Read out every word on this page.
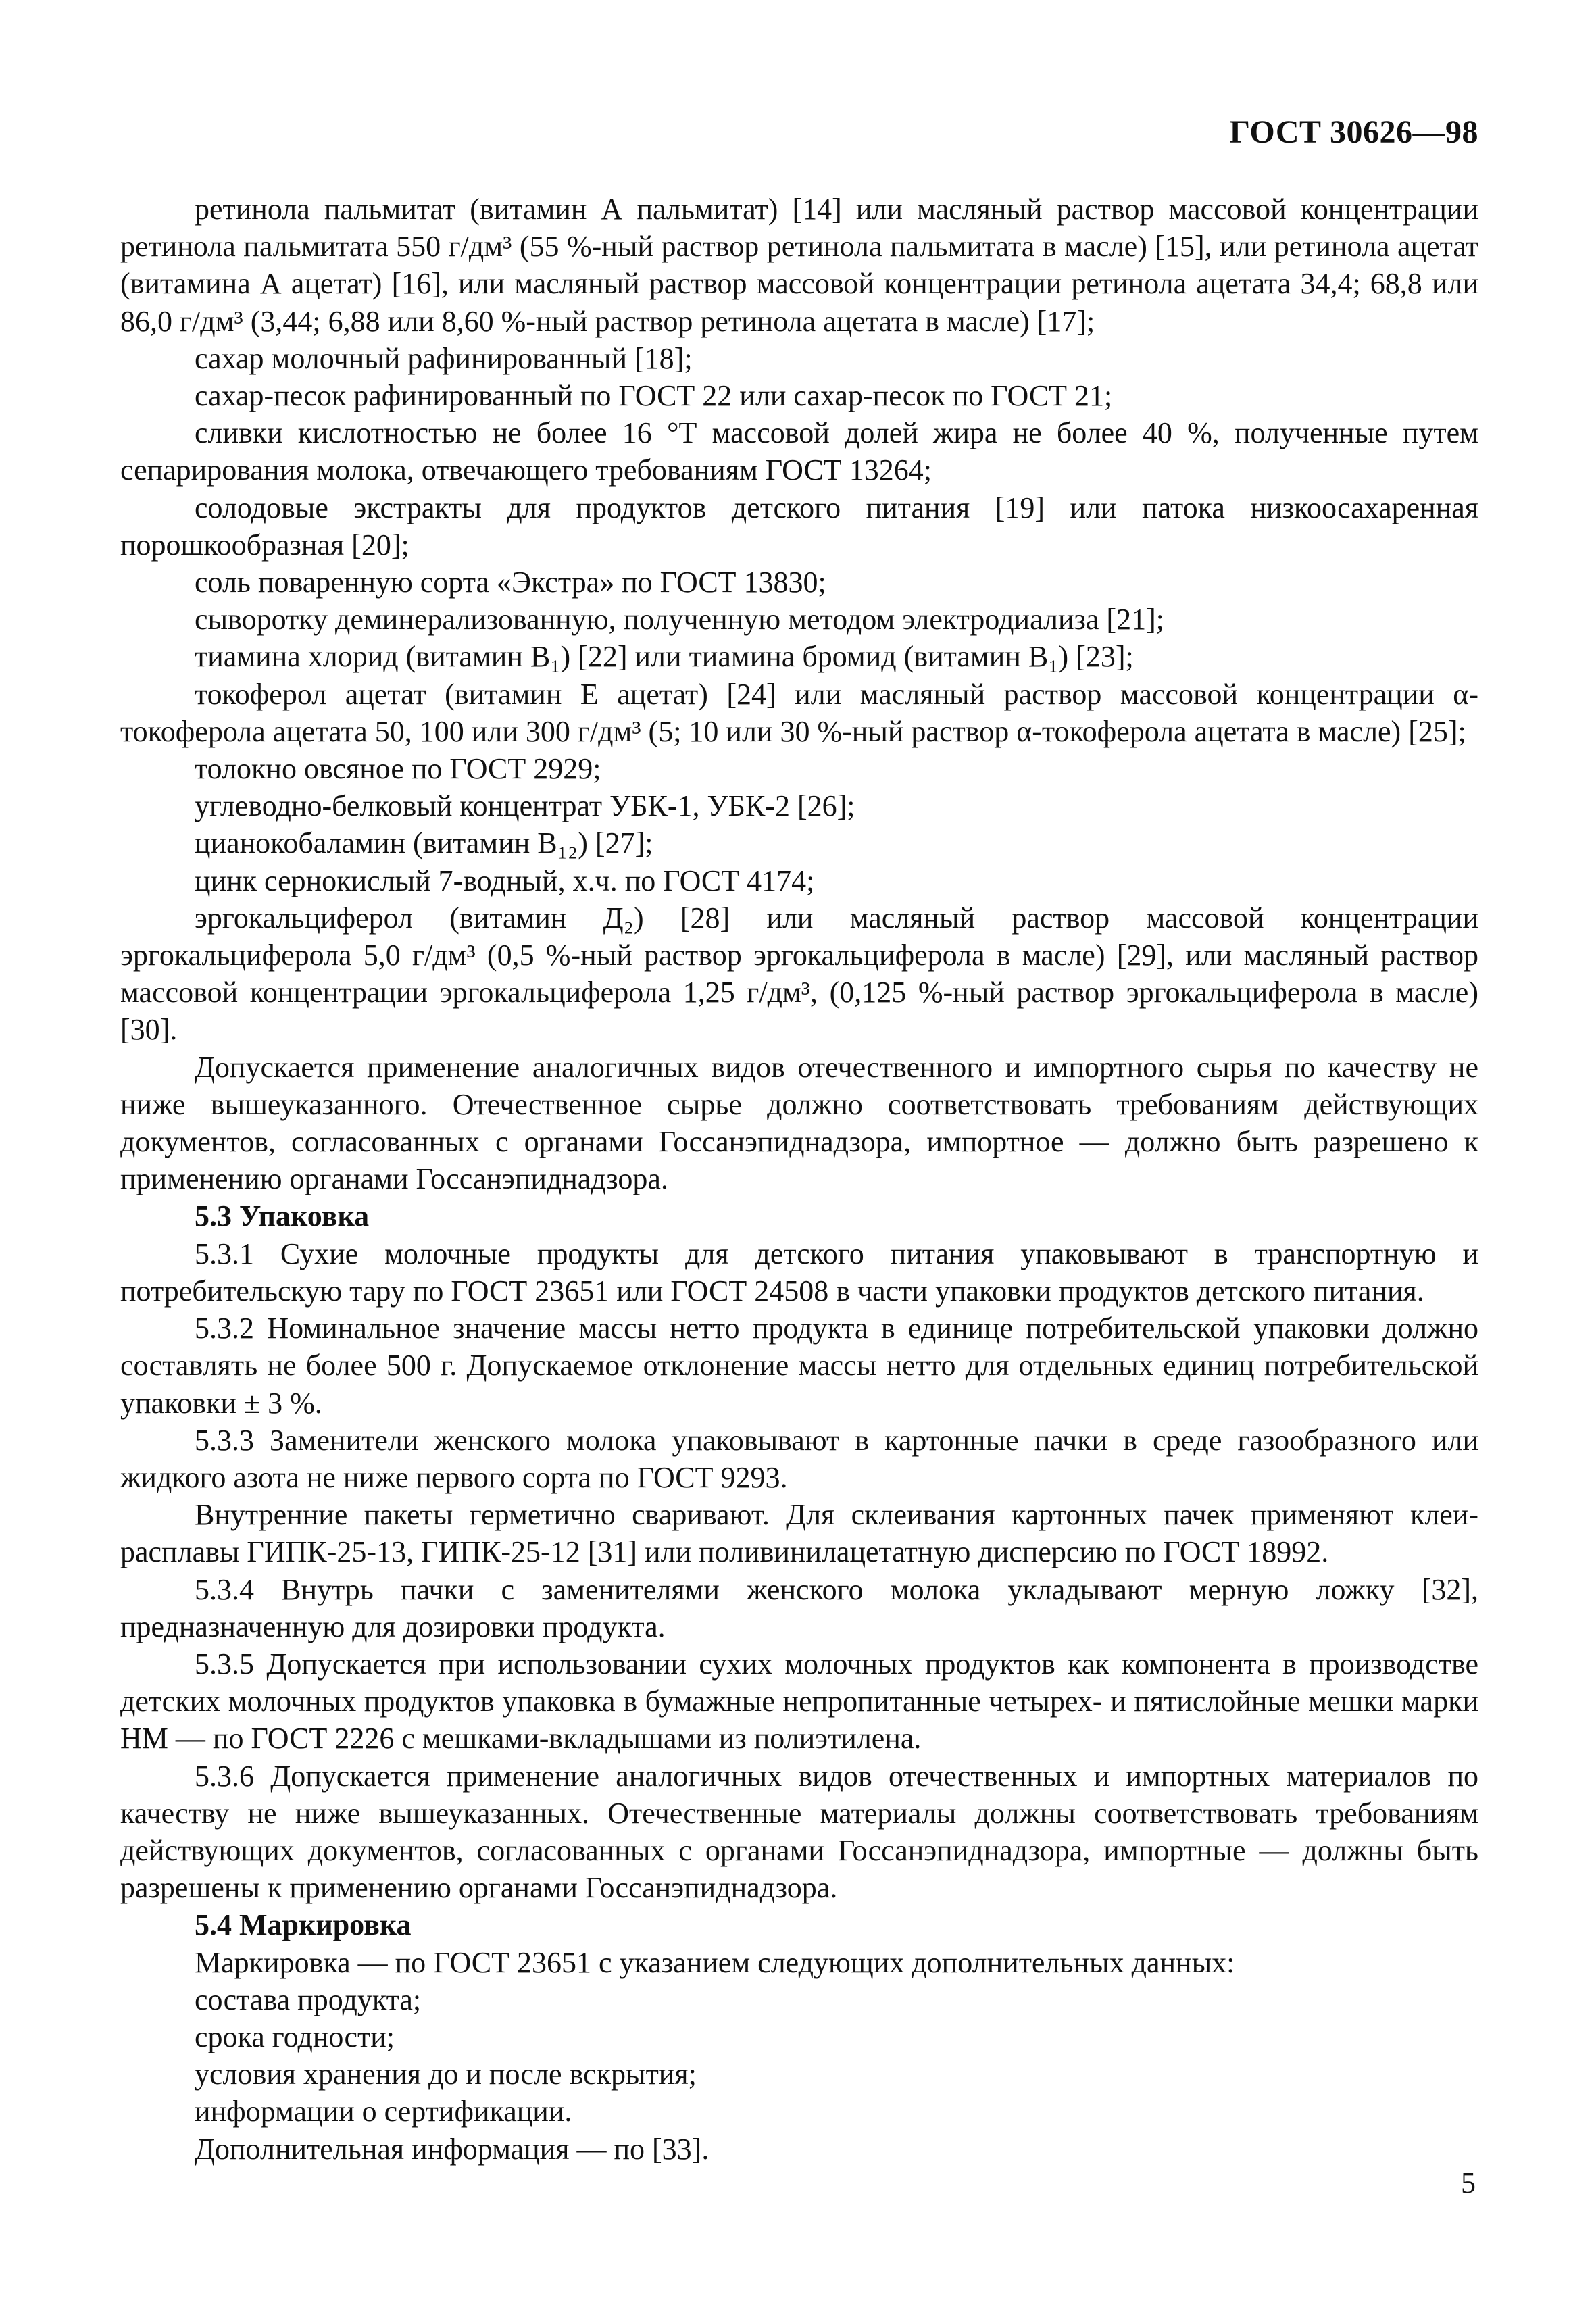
ГОСТ 30626—98

ретинола пальмитат (витамин А пальмитат) [14] или масляный раствор массовой концентрации ретинола пальмитата 550 г/дм³ (55 %-ный раствор ретинола пальмитата в масле) [15], или ретинола ацетат (витамина А ацетат) [16], или масляный раствор массовой концентрации ретинола ацетата 34,4; 68,8 или 86,0 г/дм³ (3,44; 6,88 или 8,60 %-ный раствор ретинола ацетата в масле) [17];

сахар молочный рафинированный [18];

сахар-песок рафинированный по ГОСТ 22 или сахар-песок по ГОСТ 21;

сливки кислотностью не более 16 °Т массовой долей жира не более 40 %, полученные путем сепарирования молока, отвечающего требованиям ГОСТ 13264;

солодовые экстракты для продуктов детского питания [19] или патока низкоосахаренная порошкообразная [20];

соль поваренную сорта «Экстра» по ГОСТ 13830;

сыворотку деминерализованную, полученную методом электродиализа [21];

тиамина хлорид (витамин B₁) [22] или тиамина бромид (витамин B₁) [23];

токоферол ацетат (витамин Е ацетат) [24] или масляный раствор массовой концентрации α-токоферола ацетата 50, 100 или 300 г/дм³ (5; 10 или 30 %-ный раствор α-токоферола ацетата в масле) [25];

толокно овсяное по ГОСТ 2929;

углеводно-белковый концентрат УБК-1, УБК-2 [26];

цианокобаламин (витамин B₁₂) [27];

цинк сернокислый 7-водный, х.ч. по ГОСТ 4174;

эргокальциферол (витамин Д₂) [28] или масляный раствор массовой концентрации эргокальциферола 5,0 г/дм³ (0,5 %-ный раствор эргокальциферола в масле) [29], или масляный раствор массовой концентрации эргокальциферола 1,25 г/дм³, (0,125 %-ный раствор эргокальциферола в масле) [30].

Допускается применение аналогичных видов отечественного и импортного сырья по качеству не ниже вышеуказанного. Отечественное сырье должно соответствовать требованиям действующих документов, согласованных с органами Госсанэпиднадзора, импортное — должно быть разрешено к применению органами Госсанэпиднадзора.

5.3 Упаковка

5.3.1 Сухие молочные продукты для детского питания упаковывают в транспортную и потребительскую тару по ГОСТ 23651 или ГОСТ 24508 в части упаковки продуктов детского питания.

5.3.2 Номинальное значение массы нетто продукта в единице потребительской упаковки должно составлять не более 500 г. Допускаемое отклонение массы нетто для отдельных единиц потребительской упаковки ± 3 %.

5.3.3 Заменители женского молока упаковывают в картонные пачки в среде газообразного или жидкого азота не ниже первого сорта по ГОСТ 9293.

Внутренние пакеты герметично сваривают. Для склеивания картонных пачек применяют клеи-расплавы ГИПК-25-13, ГИПК-25-12 [31] или поливинилацетатную дисперсию по ГОСТ 18992.

5.3.4 Внутрь пачки с заменителями женского молока укладывают мерную ложку [32], предназначенную для дозировки продукта.

5.3.5 Допускается при использовании сухих молочных продуктов как компонента в производстве детских молочных продуктов упаковка в бумажные непропитанные четырех- и пятислойные мешки марки НМ — по ГОСТ 2226 с мешками-вкладышами из полиэтилена.

5.3.6 Допускается применение аналогичных видов отечественных и импортных материалов по качеству не ниже вышеуказанных. Отечественные материалы должны соответствовать требованиям действующих документов, согласованных с органами Госсанэпиднадзора, импортные — должны быть разрешены к применению органами Госсанэпиднадзора.

5.4 Маркировка

Маркировка — по ГОСТ 23651 с указанием следующих дополнительных данных:

состава продукта;

срока годности;

условия хранения до и после вскрытия;

информации о сертификации.

Дополнительная информация — по [33].

5
